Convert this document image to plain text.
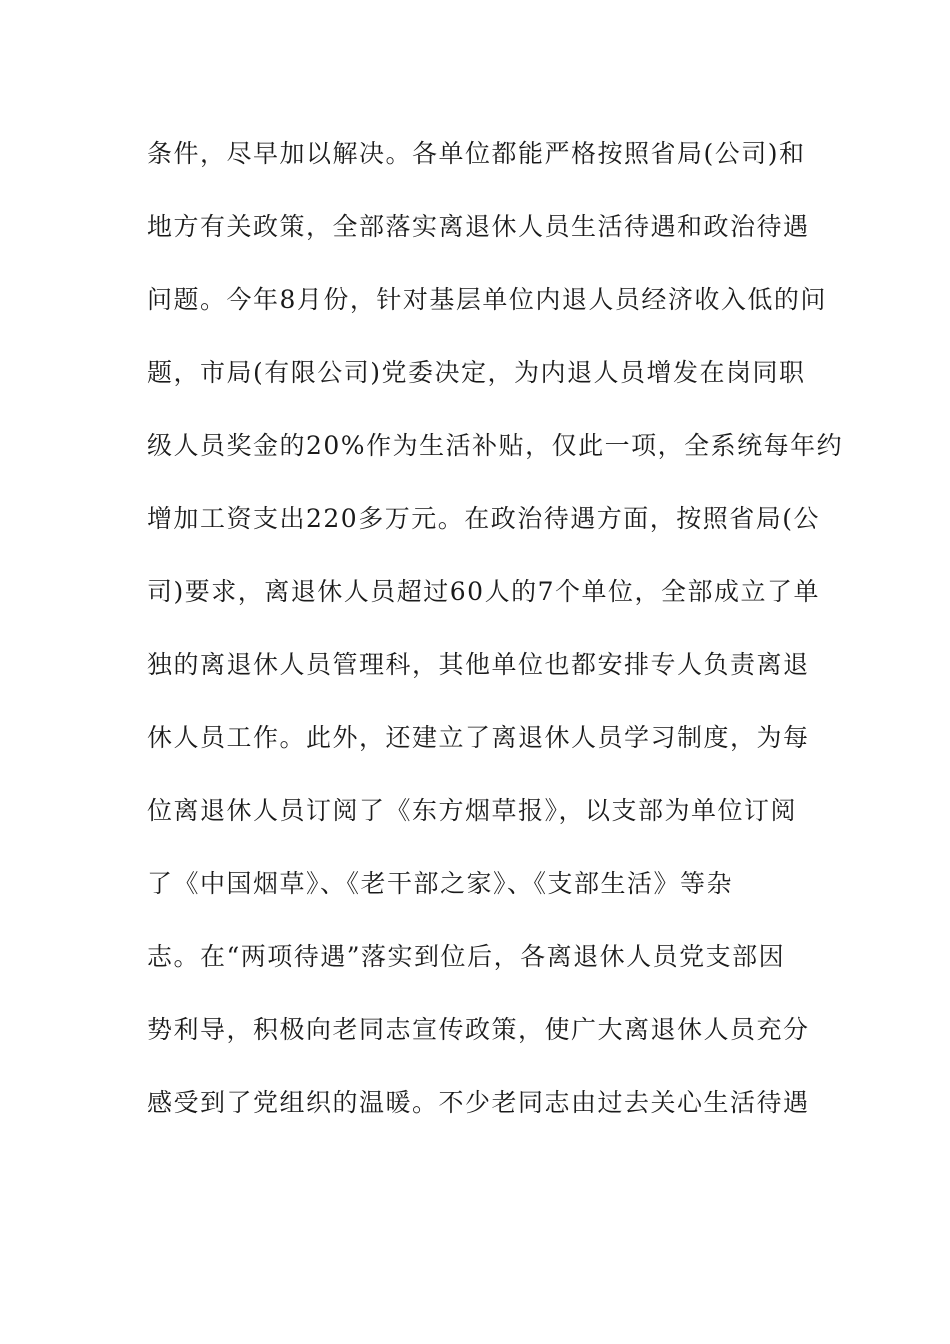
条件，尽早加以解决。各单位都能严格按照省局(公司)和

地方有关政策，全部落实离退休人员生活待遇和政治待遇

问题。今年8月份，针对基层单位内退人员经济收入低的问

题，市局(有限公司)党委决定，为内退人员增发在岗同职

级人员奖金的20%作为生活补贴，仅此一项，全系统每年约

增加工资支出220多万元。在政治待遇方面，按照省局(公

司)要求，离退休人员超过60人的7个单位，全部成立了单

独的离退休人员管理科，其他单位也都安排专人负责离退

休人员工作。此外，还建立了离退休人员学习制度，为每

位离退休人员订阅了《东方烟草报》，以支部为单位订阅

了《中国烟草》、《老干部之家》、《支部生活》等杂

志。在“两项待遇”落实到位后，各离退休人员党支部因

势利导，积极向老同志宣传政策，使广大离退休人员充分

感受到了党组织的温暖。不少老同志由过去关心生活待遇
